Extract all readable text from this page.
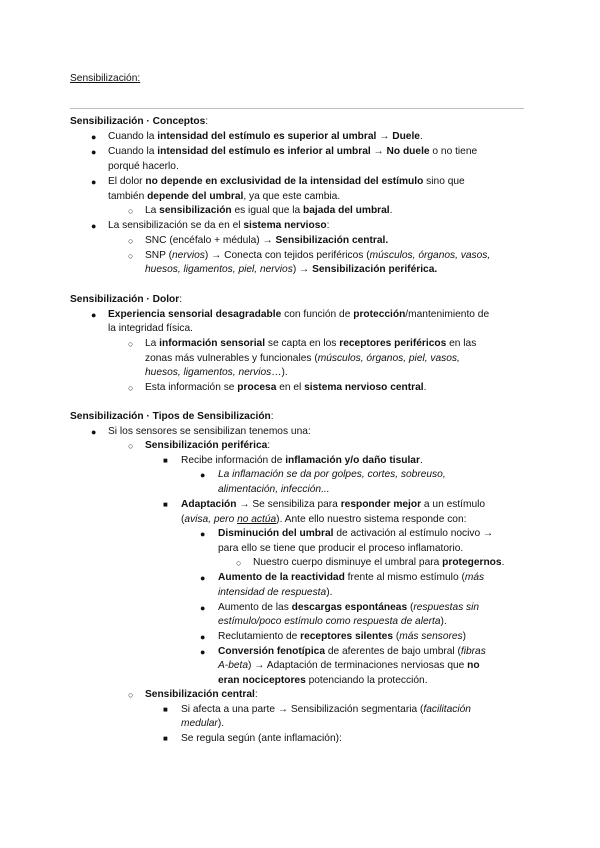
Sensibilización:
Sensibilización · Conceptos:
● Cuando la intensidad del estímulo es superior al umbral → Duele.
● Cuando la intensidad del estímulo es inferior al umbral → No duele o no tiene
porqué hacerlo.
● El dolor no depende en exclusividad de la intensidad del estímulo sino que
también depende del umbral, ya que este cambia.
○ La sensibilización es igual que la bajada del umbral.
● La sensibilización se da en el sistema nervioso:
○ SNC (encéfalo + médula) → Sensibilización central.
○ SNP (nervios) → Conecta con tejidos periféricos (músculos, órganos, vasos,
huesos, ligamentos, piel, nervios) → Sensibilización periférica.
Sensibilización · Dolor:
● Experiencia sensorial desagradable con función de protección/mantenimiento de
la integridad física.
○ La información sensorial se capta en los receptores periféricos en las
zonas más vulnerables y funcionales (músculos, órganos, piel, vasos,
huesos, ligamentos, nervios…).
○ Esta información se procesa en el sistema nervioso central.
Sensibilización · Tipos de Sensibilización:
● Si los sensores se sensibilizan tenemos una:
○ Sensibilización periférica:
■ Recibe información de inflamación y/o daño tisular.
● La inflamación se da por golpes, cortes, sobreuso,
alimentación, infección...
■ Adaptación → Se sensibiliza para responder mejor a un estímulo
(avisa, pero no actúa). Ante ello nuestro sistema responde con:
● Disminución del umbral de activación al estímulo nocivo →
para ello se tiene que producir el proceso inflamatorio.
○ Nuestro cuerpo disminuye el umbral para protegernos.
● Aumento de la reactividad frente al mismo estímulo (más
intensidad de respuesta).
● Aumento de las descargas espontáneas (respuestas sin
estímulo/poco estímulo como respuesta de alerta).
● Reclutamiento de receptores silentes (más sensores)
● Conversión fenotípica de aferentes de bajo umbral (fibras
A-beta) → Adaptación de terminaciones nerviosas que no
eran nociceptores potenciando la protección.
○ Sensibilización central:
■ Si afecta a una parte → Sensibilización segmentaria (facilitación
medular).
■ Se regula según (ante inflamación):
